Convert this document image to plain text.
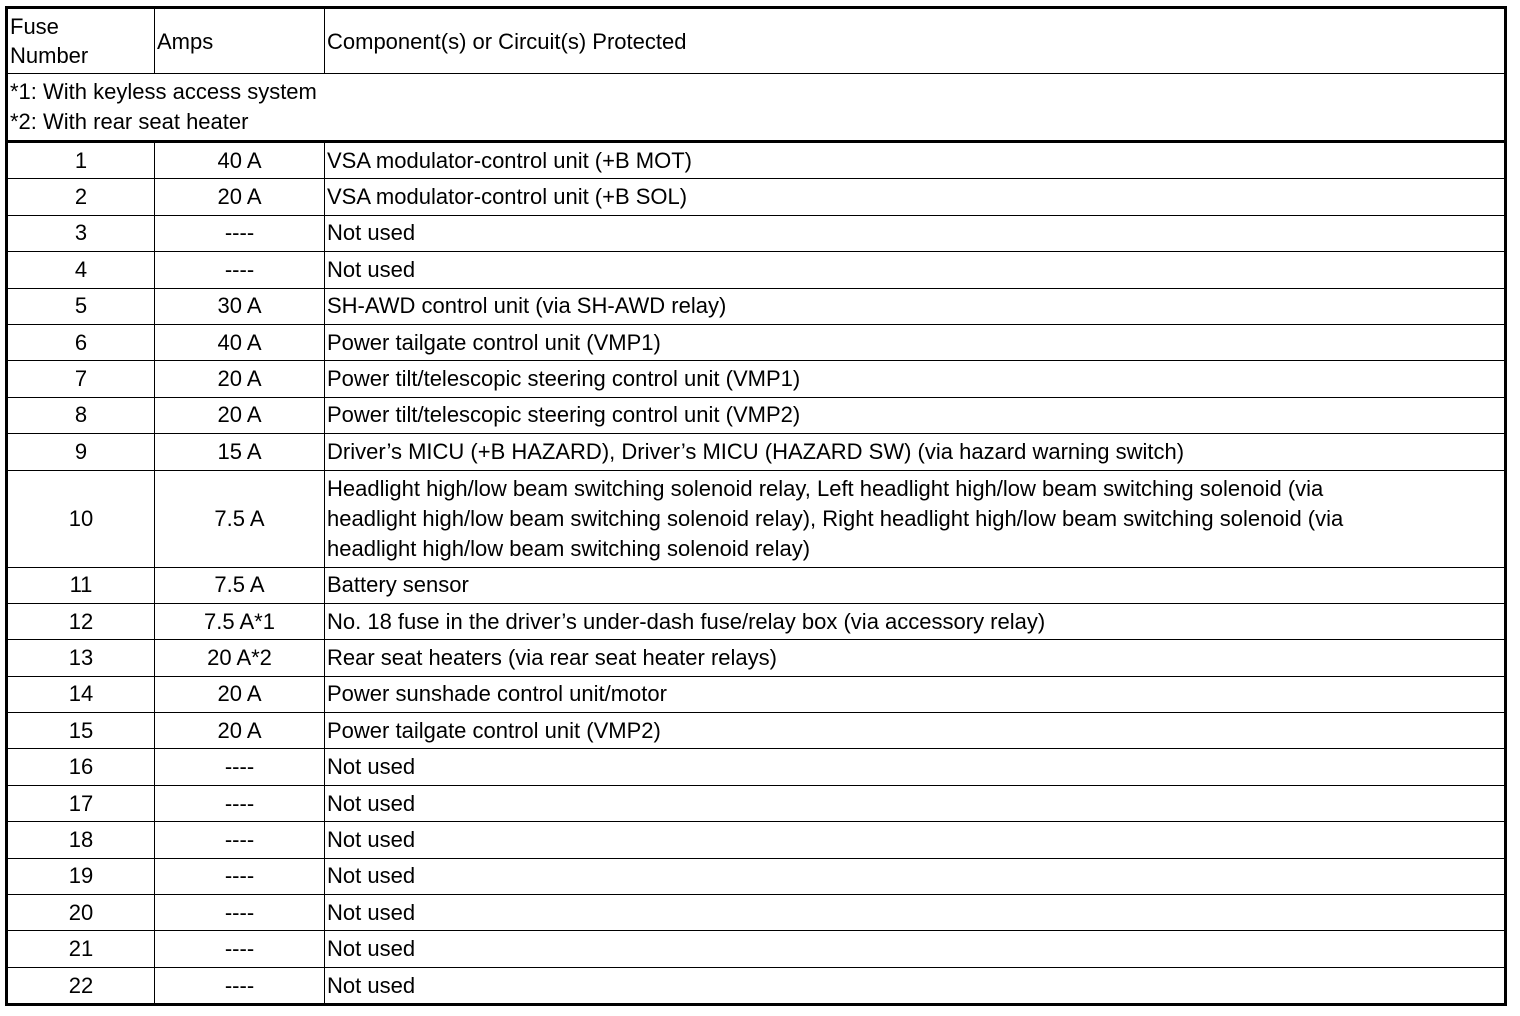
Fuse
Number	Amps	Component(s) or Circuit(s) Protected

*1: With keyless access system
*2: With rear seat heater		

1	40 A	VSA modulator-control unit (+B MOT)
2	20 A	VSA modulator-control unit (+B SOL)
3	----	Not used
4	----	Not used
5	30 A	SH-AWD control unit (via SH-AWD relay)
6	40 A	Power tailgate control unit (VMP1)
7	20 A	Power tilt/telescopic steering control unit (VMP1)
8	20 A	Power tilt/telescopic steering control unit (VMP2)
9	15 A	Driver’s MICU (+B HAZARD), Driver’s MICU (HAZARD SW) (via hazard warning switch)
10	7.5 A	Headlight high/low beam switching solenoid relay, Left headlight high/low beam switching solenoid (via
headlight high/low beam switching solenoid relay), Right headlight high/low beam switching solenoid (via
headlight high/low beam switching solenoid relay)

11	7.5 A	Battery sensor
12	7.5 A*1	No. 18 fuse in the driver’s under-dash fuse/relay box (via accessory relay)
13	20 A*2	Rear seat heaters (via rear seat heater relays)
14	20 A	Power sunshade control unit/motor
15	20 A	Power tailgate control unit (VMP2)
16	----	Not used
17	----	Not used
18	----	Not used
19	----	Not used
20	----	Not used
21	----	Not used
22	----	Not used
